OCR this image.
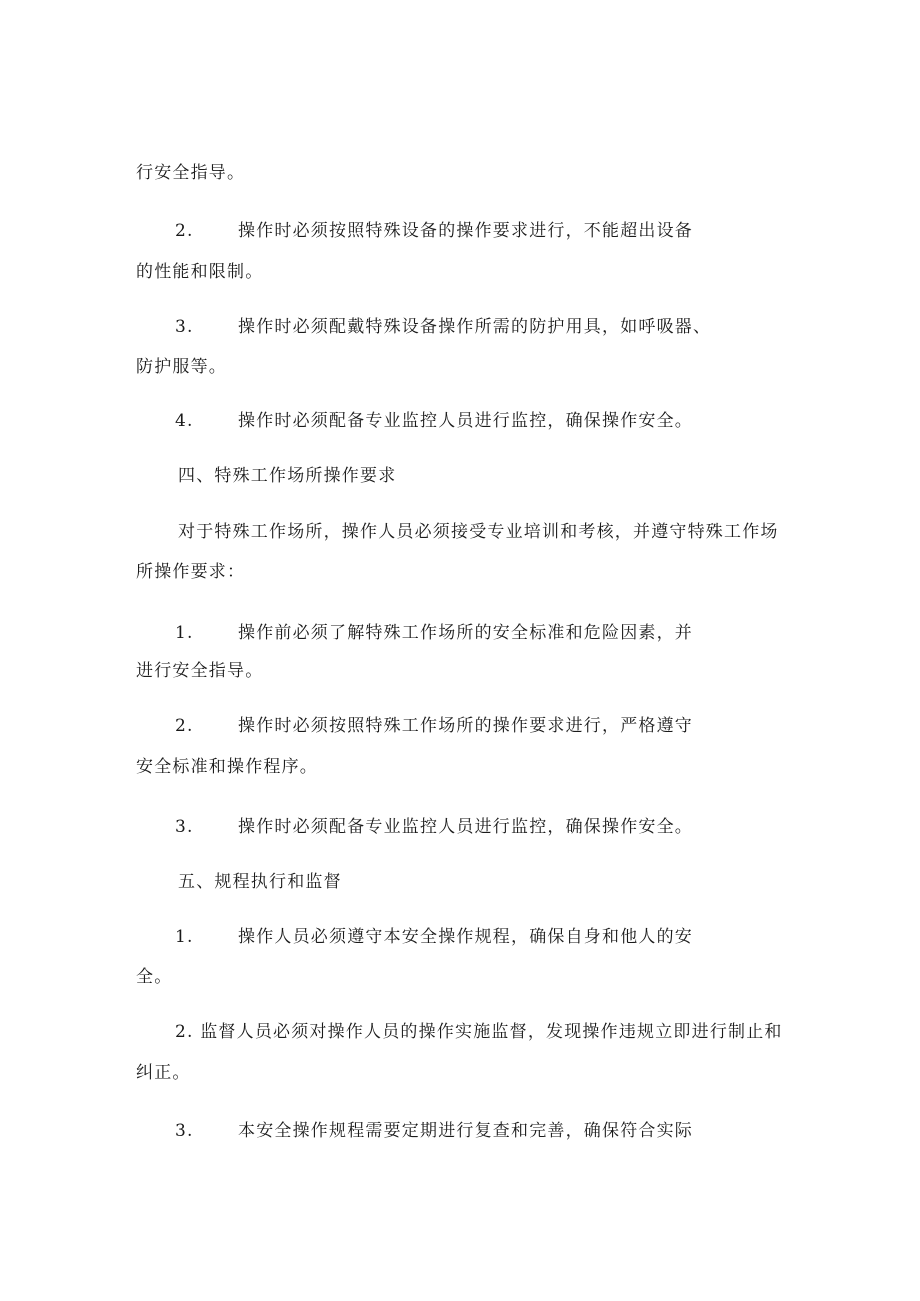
行安全指导。
2.	操作时必须按照特殊设备的操作要求进行，不能超出设备
的性能和限制。
3.	操作时必须配戴特殊设备操作所需的防护用具，如呼吸器、
防护服等。
4.	操作时必须配备专业监控人员进行监控，确保操作安全。
四、特殊工作场所操作要求
对于特殊工作场所，操作人员必须接受专业培训和考核，并遵守特殊工作场
所操作要求：
1.	操作前必须了解特殊工作场所的安全标准和危险因素，并
进行安全指导。
2.	操作时必须按照特殊工作场所的操作要求进行，严格遵守
安全标准和操作程序。
3.	操作时必须配备专业监控人员进行监控，确保操作安全。
五、规程执行和监督
1.	操作人员必须遵守本安全操作规程，确保自身和他人的安
全。
2. 监督人员必须对操作人员的操作实施监督，发现操作违规立即进行制止和
纠正。
3.	本安全操作规程需要定期进行复查和完善，确保符合实际
